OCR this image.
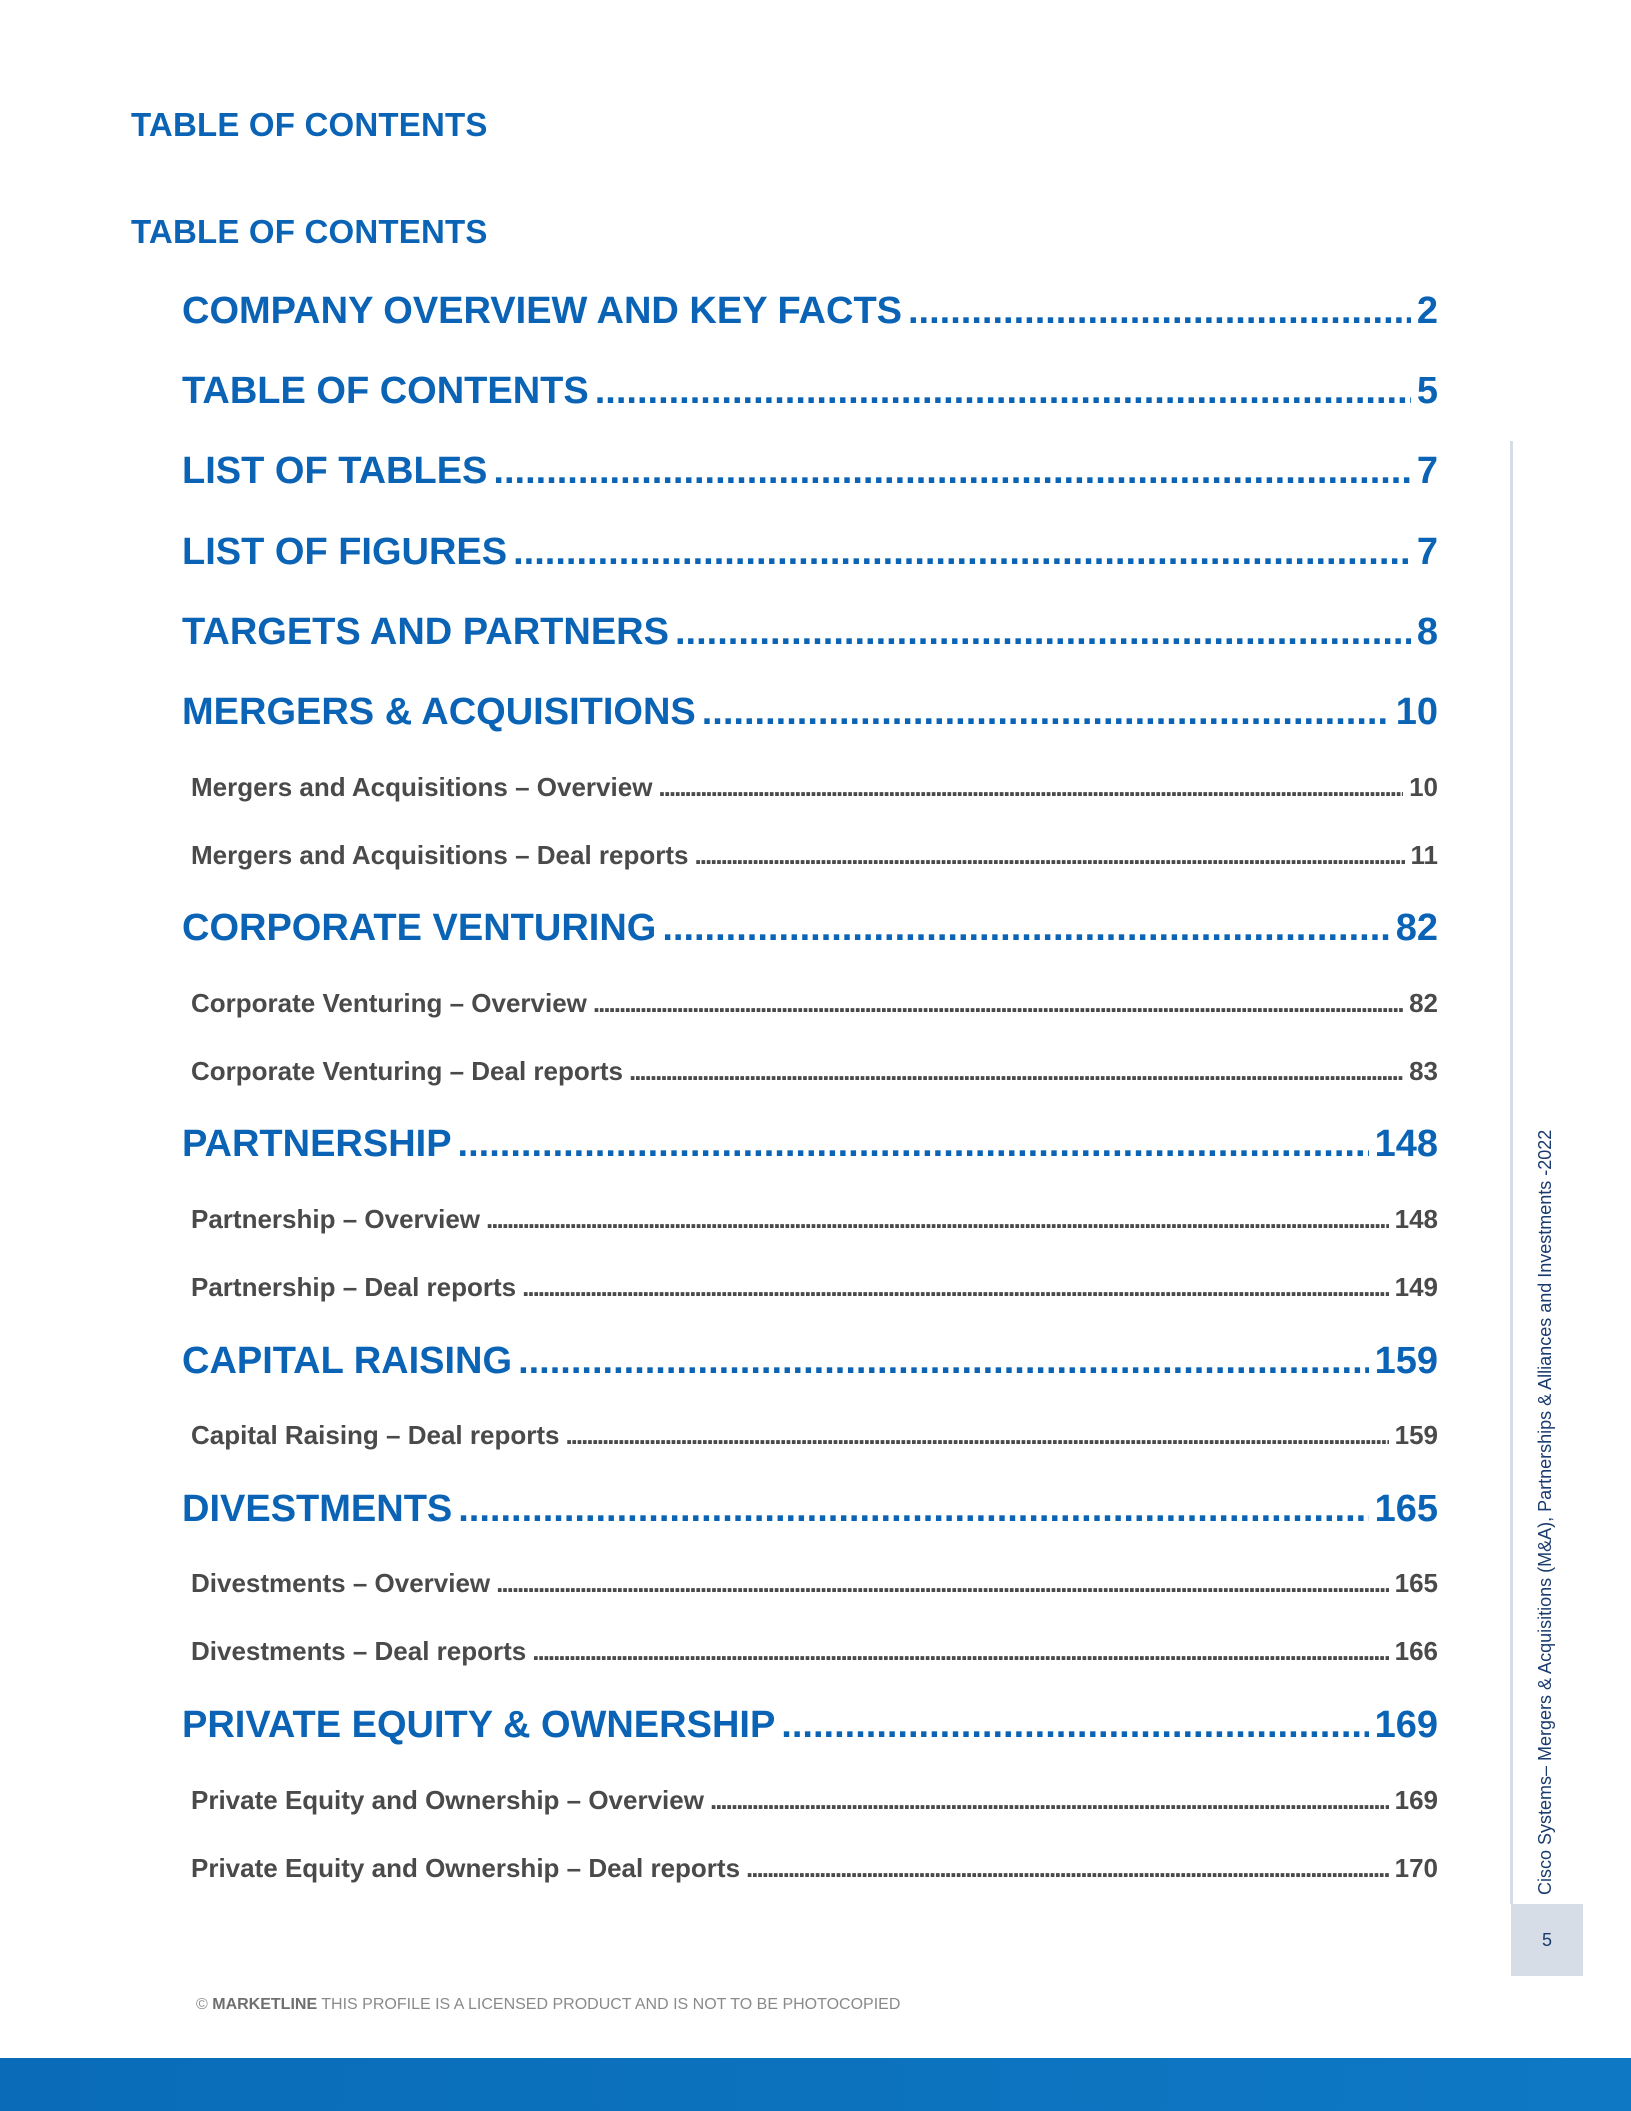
TABLE OF CONTENTS
TABLE OF CONTENTS
COMPANY OVERVIEW AND KEY FACTS .....	2
TABLE OF CONTENTS .....	5
LIST OF TABLES .....	7
LIST OF FIGURES .....	7
TARGETS AND PARTNERS .....	8
MERGERS & ACQUISITIONS .....	10
Mergers and Acquisitions – Overview .....	10
Mergers and Acquisitions – Deal reports .....	11
CORPORATE VENTURING .....	82
Corporate Venturing – Overview .....	82
Corporate Venturing – Deal reports .....	83
PARTNERSHIP .....	148
Partnership – Overview .....	148
Partnership – Deal reports .....	149
CAPITAL RAISING .....	159
Capital Raising – Deal reports .....	159
DIVESTMENTS .....	165
Divestments – Overview .....	165
Divestments – Deal reports .....	166
PRIVATE EQUITY & OWNERSHIP .....	169
Private Equity and Ownership – Overview .....	169
Private Equity and Ownership – Deal reports .....	170	Cisco Systems– Mergers & Acquisitions (M&A), Partnerships & Alliances and Investments -2022
5
© MARKETLINE THIS PROFILE IS A LICENSED PRODUCT AND IS NOT TO BE PHOTOCOPIED
